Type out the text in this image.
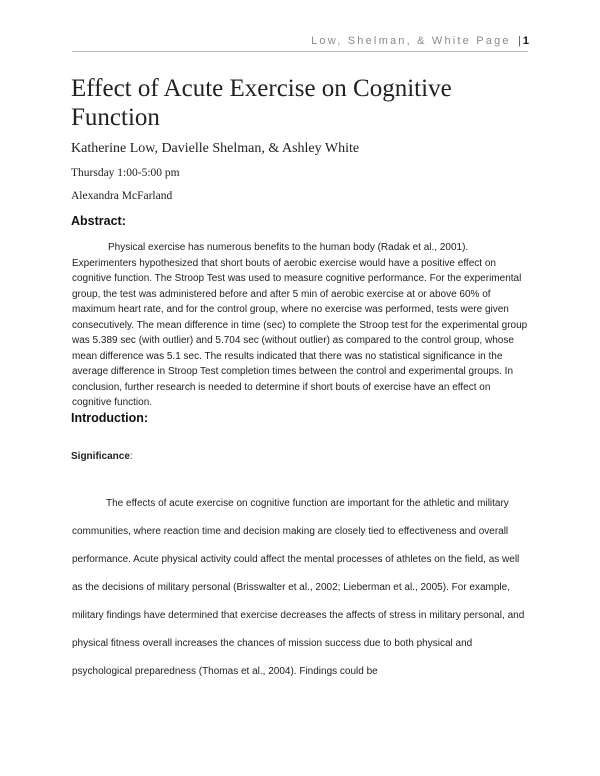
Low, Shelman, & White Page | 1
Effect of Acute Exercise on Cognitive Function
Katherine Low, Davielle Shelman, & Ashley White
Thursday 1:00-5:00 pm
Alexandra McFarland
Abstract:
Physical exercise has numerous benefits to the human body (Radak et al., 2001). Experimenters hypothesized that short bouts of aerobic exercise would have a positive effect on cognitive function. The Stroop Test was used to measure cognitive performance. For the experimental group, the test was administered before and after 5 min of aerobic exercise at or above 60% of maximum heart rate, and for the control group, where no exercise was performed, tests were given consecutively. The mean difference in time (sec) to complete the Stroop test for the experimental group was 5.389 sec (with outlier) and 5.704 sec (without outlier) as compared to the control group, whose mean difference was 5.1 sec. The results indicated that there was no statistical significance in the average difference in Stroop Test completion times between the control and experimental groups. In conclusion, further research is needed to determine if short bouts of exercise have an effect on cognitive function.
Introduction:
Significance:
The effects of acute exercise on cognitive function are important for the athletic and military communities, where reaction time and decision making are closely tied to effectiveness and overall performance. Acute physical activity could affect the mental processes of athletes on the field, as well as the decisions of military personal (Brisswalter et al., 2002; Lieberman et al., 2005). For example, military findings have determined that exercise decreases the affects of stress in military personal, and physical fitness overall increases the chances of mission success due to both physical and psychological preparedness (Thomas et al., 2004). Findings could be
